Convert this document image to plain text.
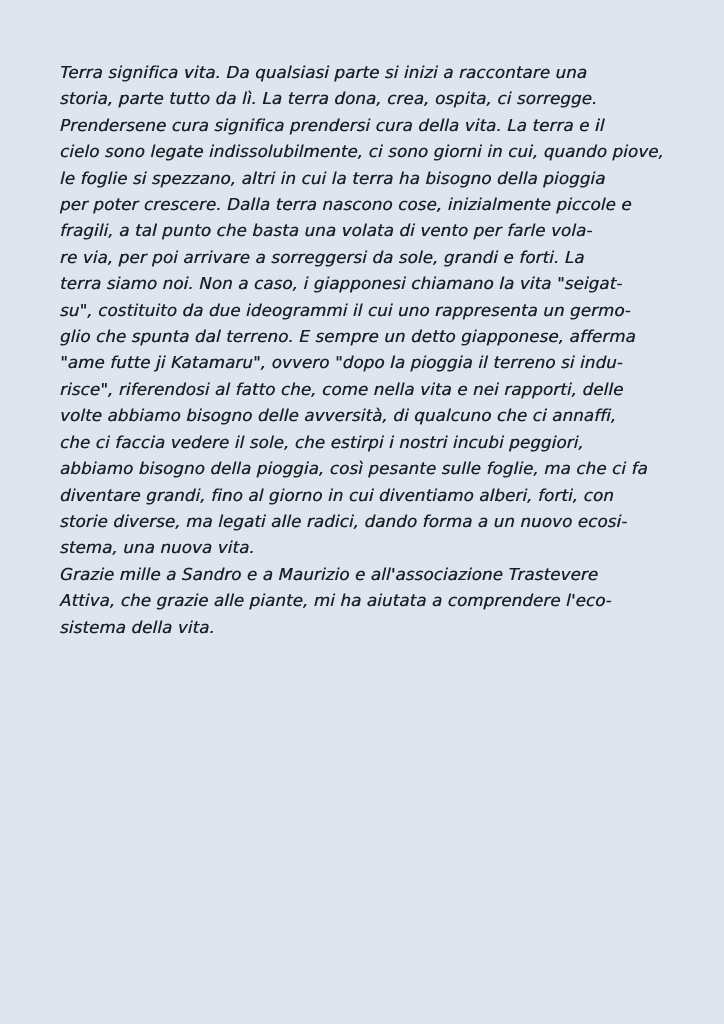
Terra significa vita. Da qualsiasi parte si inizi a raccontare una

storia, parte tutto da lì. La terra dona, crea, ospita, ci sorregge.

Prendersene cura significa prendersi cura della vita. La terra e il

cielo sono legate indissolubilmente, ci sono giorni in cui, quando piove,

le foglie si spezzano, altri in cui la terra ha bisogno della pioggia

per poter crescere. Dalla terra nascono cose, inizialmente piccole e

fragili, a tal punto che basta una volata di vento per farle vola-

re via, per poi arrivare a sorreggersi da sole, grandi e forti. La

terra siamo noi. Non a caso, i giapponesi chiamano la vita "seigat-

su", costituito da due ideogrammi il cui uno rappresenta un germo-

glio che spunta dal terreno. E sempre un detto giapponese, afferma

"ame futte ji Katamaru", ovvero "dopo la pioggia il terreno si indu-

risce", riferendosi al fatto che, come nella vita e nei rapporti, delle

volte abbiamo bisogno delle avversità, di qualcuno che ci annaffi,

che ci faccia vedere il sole, che estirpi i nostri incubi peggiori,

abbiamo bisogno della pioggia, così pesante sulle foglie, ma che ci fa

diventare grandi, fino al giorno in cui diventiamo alberi, forti, con

storie diverse, ma legati alle radici, dando forma a un nuovo ecosi-

stema, una nuova vita.

Grazie mille a Sandro e a Maurizio e all'associazione Trastevere

Attiva, che grazie alle piante, mi ha aiutata a comprendere l'eco-

sistema della vita.
